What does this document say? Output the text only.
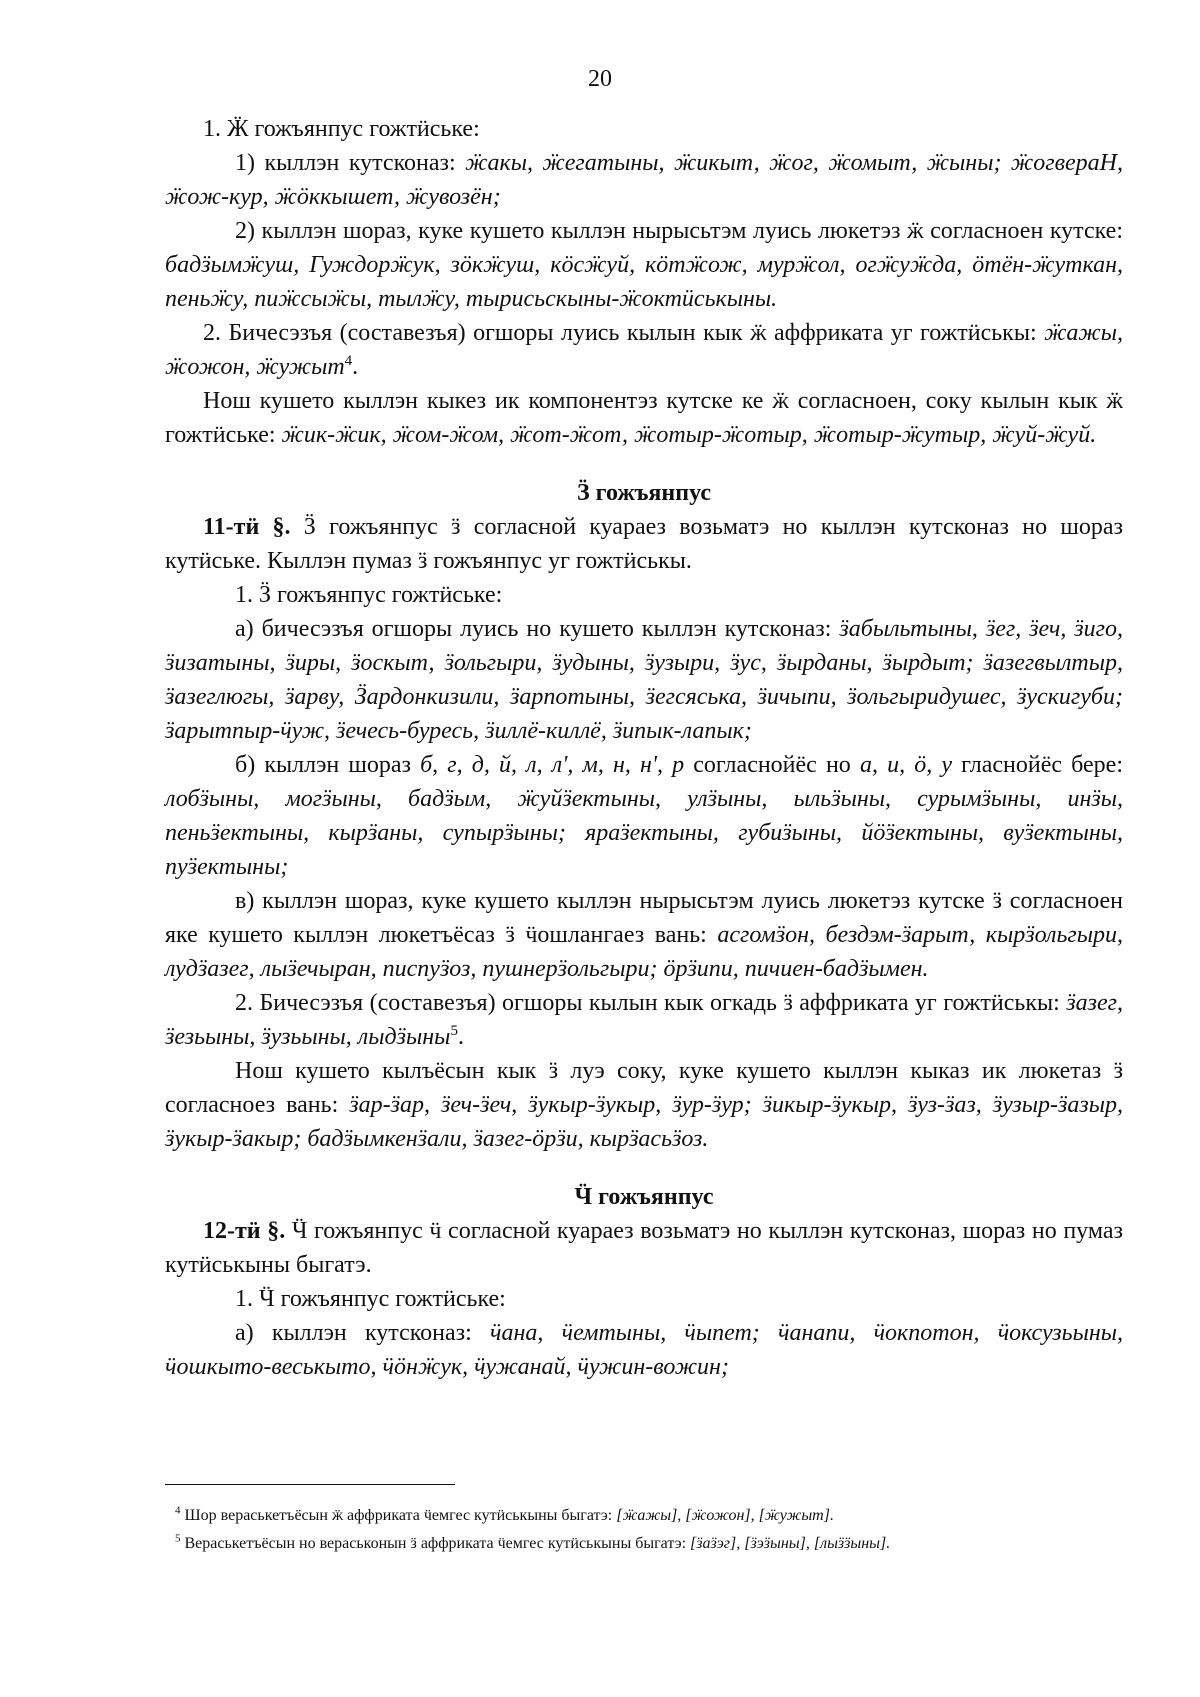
20

1. Ӝ гожъянпус гожтӥське:

1) кыллэн кутсконаз: ӝакы, ӝегатыны, ӝикыт, ӝог, ӝомыт, ӝыны; ӝогвераН, ӝож-кур, ӝӧккышет, ӝувозён;

2) кыллэн шораз, куке кушето кыллэн нырысьтэм луись люкетэз ӝ согласноен кутске: бадӟымӝуш, Гуждорӝук, зӧкӝуш, кӧсӝуй, кӧтӝож, мурӝол, огӝуӝда, ӧтён-ӝуткан, пеньӝу, пиӝсыӝы, тылӝу, тырисьскыны-ӝоктӥськыны.

2. Бичесэзъя (составезъя) огшоры луись кылын кык ӝ аффриката уг гожтӥськы: ӝажы, ӝожон, ӝужыт$^4$.

Нош кушето кыллэн кыкез ик компонентэз кутске ке ӝ согласноен, соку кылын кык ӝ гожтӥське: ӝик-ӝик, ӝом-ӝом, ӝот-ӝот, ӝотыр-ӝотыр, ӝотыр-ӝутыр, ӝуй-ӝуй.

Ӟ гожъянпус

11-тӥ §. Ӟ гожъянпус ӟ согласной куараез возьматэ но кыллэн кутсконаз но шораз кутӥське. Кыллэн пумаз ӟ гожъянпус уг гожтӥськы.

1. Ӟ гожъянпус гожтӥське:

а) бичесэзъя огшоры луись но кушето кыллэн кутсконаз: ӟабыльтыны, ӟег, ӟеч, ӟиго, ӟизатыны, ӟиры, ӟоскыт, ӟольгыри, ӟудыны, ӟузыри, ӟус, ӟырданы, ӟырдыт; ӟазегвылтыр, ӟазеглюгы, ӟарву, Ӟардонкизили, ӟарпотыны, ӟегсяська, ӟичыпи, ӟольгыридушес, ӟускигуби; ӟарытпыр-ӵуж, ӟечесь-буресь, ӟиллё-киллё, ӟипык-лапык;

б) кыллэн шораз б, г, д, й, л, л', м, н, н', р согласнойёс но а, и, ӧ, у гласнойёс бере: лобӟыны, могӟыны, бадӟым, ӝуйӟектыны, улӟыны, ыльӟыны, сурымӟыны, инӟы, пеньӟектыны, кырӟаны, супырӟыны; яраӟектыны, губиӟыны, йӧӟектыны, вуӟектыны, пуӟектыны;

в) кыллэн шораз, куке кушето кыллэн нырысьтэм луись люкетэз кутске ӟ согласноен яке кушето кыллэн люкетъёсаз ӟ ӵошлангаез вань: асгомӟон, бездэм-ӟарыт, кырӟольгыри, лудӟазег, лыӟечыран, писпуӟоз, пушнерӟольгыри; ӧрӟипи, пичиен-бадӟымен.

2. Бичесэзъя (составезъя) огшоры кылын кык огкадь ӟ аффриката уг гожтӥськы: ӟазег, ӟезьыны, ӟузьыны, лыдӟыны$^5$.

Нош кушето кылъёсын кык ӟ луэ соку, куке кушето кыллэн кыказ ик люкетаз ӟ согласноез вань: ӟар-ӟар, ӟеч-ӟеч, ӟукыр-ӟукыр, ӟур-ӟур; ӟикыр-ӟукыр, ӟуз-ӟаз, ӟузыр-ӟазыр, ӟукыр-ӟакыр; бадӟымкенӟали, ӟазег-ӧрӟи, кырӟасьӟоз.

Ӵ гожъянпус

12-тӥ §. Ӵ гожъянпус ӵ согласной куараез возьматэ но кыллэн кутсконаз, шораз но пумаз кутӥськыны быгатэ.

1. Ӵ гожъянпус гожтӥське:

а) кыллэн кутсконаз: ӵана, ӵемтыны, ӵыпет; ӵанапи, ӵокпотон, ӵоксузьыны, ӵошкыто-веськыто, ӵӧнӝук, ӵужанай, ӵужин-вожин;

$^4$ Шор вераськетъёсын ӝ аффриката ӵемгес кутӥськыны быгатэ: [ӝажы], [ӝожон], [ӝужыт].

$^5$ Вераськетъёсын но вераськонын ӟ аффриката ӵемгес кутӥськыны быгатэ: [ӟаӟэг], [ӟэӟыны], [лыӟӟыны].
